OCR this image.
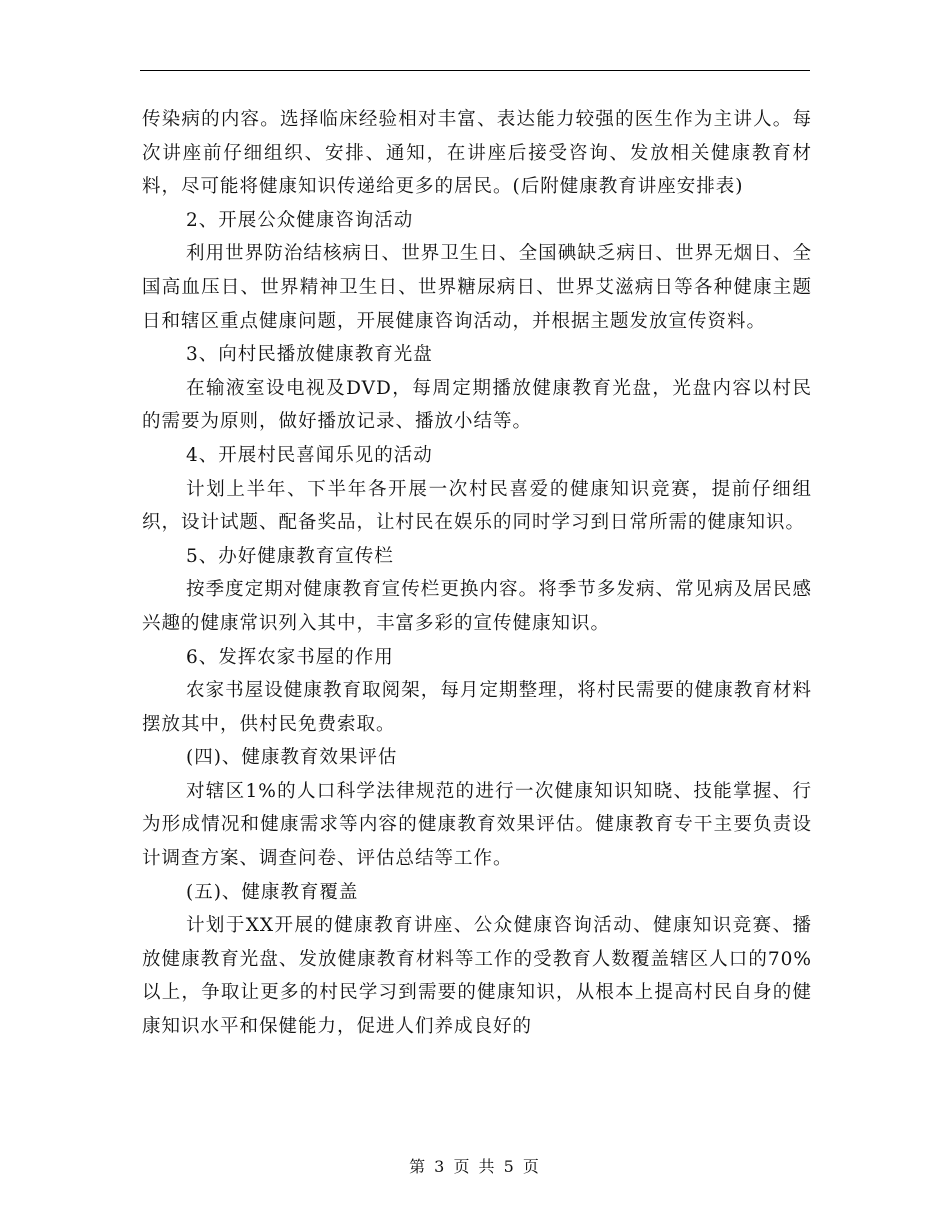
传染病的内容。选择临床经验相对丰富、表达能力较强的医生作为主讲人。每次讲座前仔细组织、安排、通知，在讲座后接受咨询、发放相关健康教育材料，尽可能将健康知识传递给更多的居民。(后附健康教育讲座安排表)

2、开展公众健康咨询活动

利用世界防治结核病日、世界卫生日、全国碘缺乏病日、世界无烟日、全国高血压日、世界精神卫生日、世界糖尿病日、世界艾滋病日等各种健康主题日和辖区重点健康问题，开展健康咨询活动，并根据主题发放宣传资料。

3、向村民播放健康教育光盘

在输液室设电视及DVD，每周定期播放健康教育光盘，光盘内容以村民的需要为原则，做好播放记录、播放小结等。

4、开展村民喜闻乐见的活动

计划上半年、下半年各开展一次村民喜爱的健康知识竞赛，提前仔细组织，设计试题、配备奖品，让村民在娱乐的同时学习到日常所需的健康知识。

5、办好健康教育宣传栏

按季度定期对健康教育宣传栏更换内容。将季节多发病、常见病及居民感兴趣的健康常识列入其中，丰富多彩的宣传健康知识。

6、发挥农家书屋的作用

农家书屋设健康教育取阅架，每月定期整理，将村民需要的健康教育材料摆放其中，供村民免费索取。

(四)、健康教育效果评估

对辖区1%的人口科学法律规范的进行一次健康知识知晓、技能掌握、行为形成情况和健康需求等内容的健康教育效果评估。健康教育专干主要负责设计调查方案、调查问卷、评估总结等工作。

(五)、健康教育覆盖

计划于XX开展的健康教育讲座、公众健康咨询活动、健康知识竞赛、播放健康教育光盘、发放健康教育材料等工作的受教育人数覆盖辖区人口的70%以上，争取让更多的村民学习到需要的健康知识，从根本上提高村民自身的健康知识水平和保健能力，促进人们养成良好的

第 3 页 共 5 页
